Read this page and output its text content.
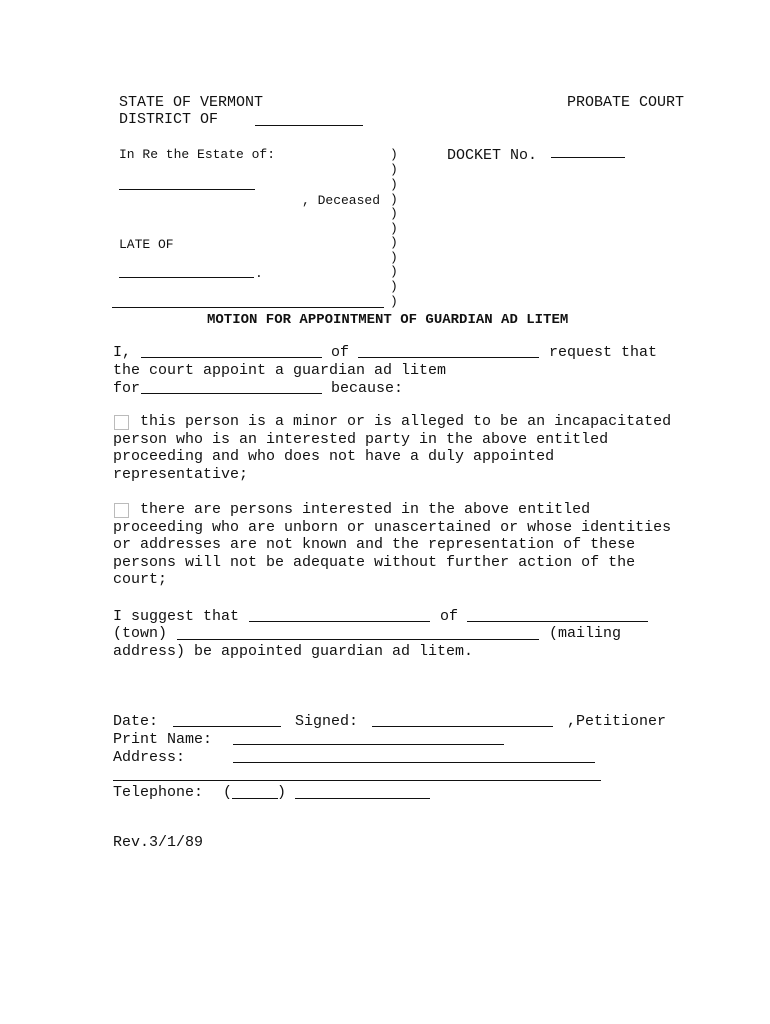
STATE OF VERMONT	PROBATE COURT
DISTRICT OF
In Re the Estate of:
, Deceased
LATE OF
.
)
)
)
)
)
)
)
)
)
)
)
DOCKET No.
MOTION FOR APPOINTMENT OF GUARDIAN AD LITEM
I,	of	request that
the court appoint a guardian ad litem
for	because:
this person is a minor or is alleged to be an incapacitated person who is an interested party in the above entitled proceeding and who does not have a duly appointed representative;
there are persons interested in the above entitled proceeding who are unborn or unascertained or whose identities or addresses are not known and the representation of these persons will not be adequate without further action of the court;
I suggest that	of
(town)	(mailing
address) be appointed guardian ad litem.
Date:	Signed:	,Petitioner
Print Name:
Address:
Telephone: (	)
Rev.3/1/89
